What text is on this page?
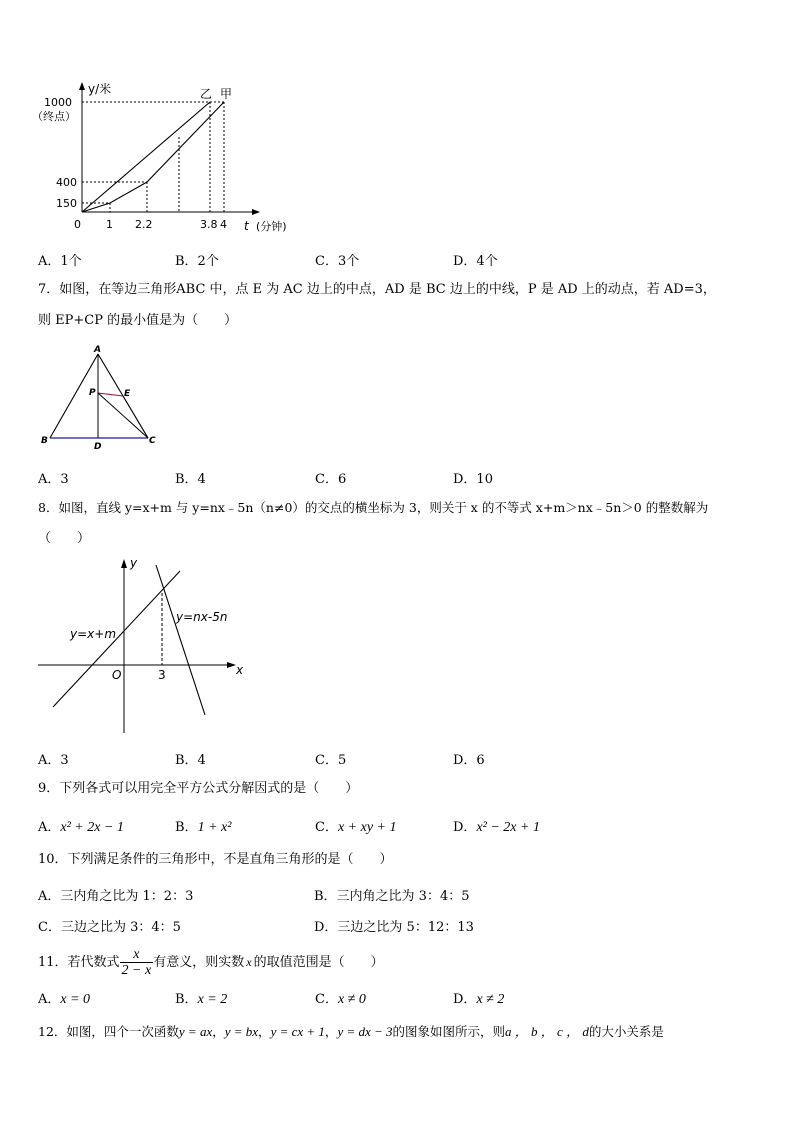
y/米
1000
（终点）
400
150
0 1 2.2	3.8 4 t (分钟)
乙 甲
A．1个	B．2个	C．3个	D．4个
7．如图，在等边三角形ABC 中，点 E 为 AC 边上的中点，AD 是 BC 边上的中线，P 是 AD 上的动点，若 AD=3，
则 EP+CP 的最小值是为（　　）
A
B	C
D
P	E
A．3	B．4	C．6	D．10
8．如图，直线 y=x+m 与 y=nx﹣5n（n≠0）的交点的横坐标为 3，则关于 x 的不等式 x+m＞nx﹣5n＞0 的整数解为
（　　）
y
x
O	3
y=x+m
y=nx-5n
A．3	B．4	C．5	D．6
9．下列各式可以用完全平方公式分解因式的是（　　）
A．x² + 2x − 1	B．1 + x²	C．x + xy + 1	D．x² − 2x + 1
10．下列满足条件的三角形中，不是直角三角形的是（　　）
A．三内角之比为 1：2：3	B．三内角之比为 3：4：5
C．三边之比为 3：4：5	D．三边之比为 5：12：13
11．若代数式 $\frac{x}{2 - x}$ 有意义，则实数 x 的取值范围是（　　）
A．x = 0	B．x = 2	C．x ≠ 0	D．x ≠ 2
12．如图，四个一次函数y = ax，y = bx，y = cx + 1，y = dx − 3的图象如图所示，则a ， b ， c ， d的大小关系是
